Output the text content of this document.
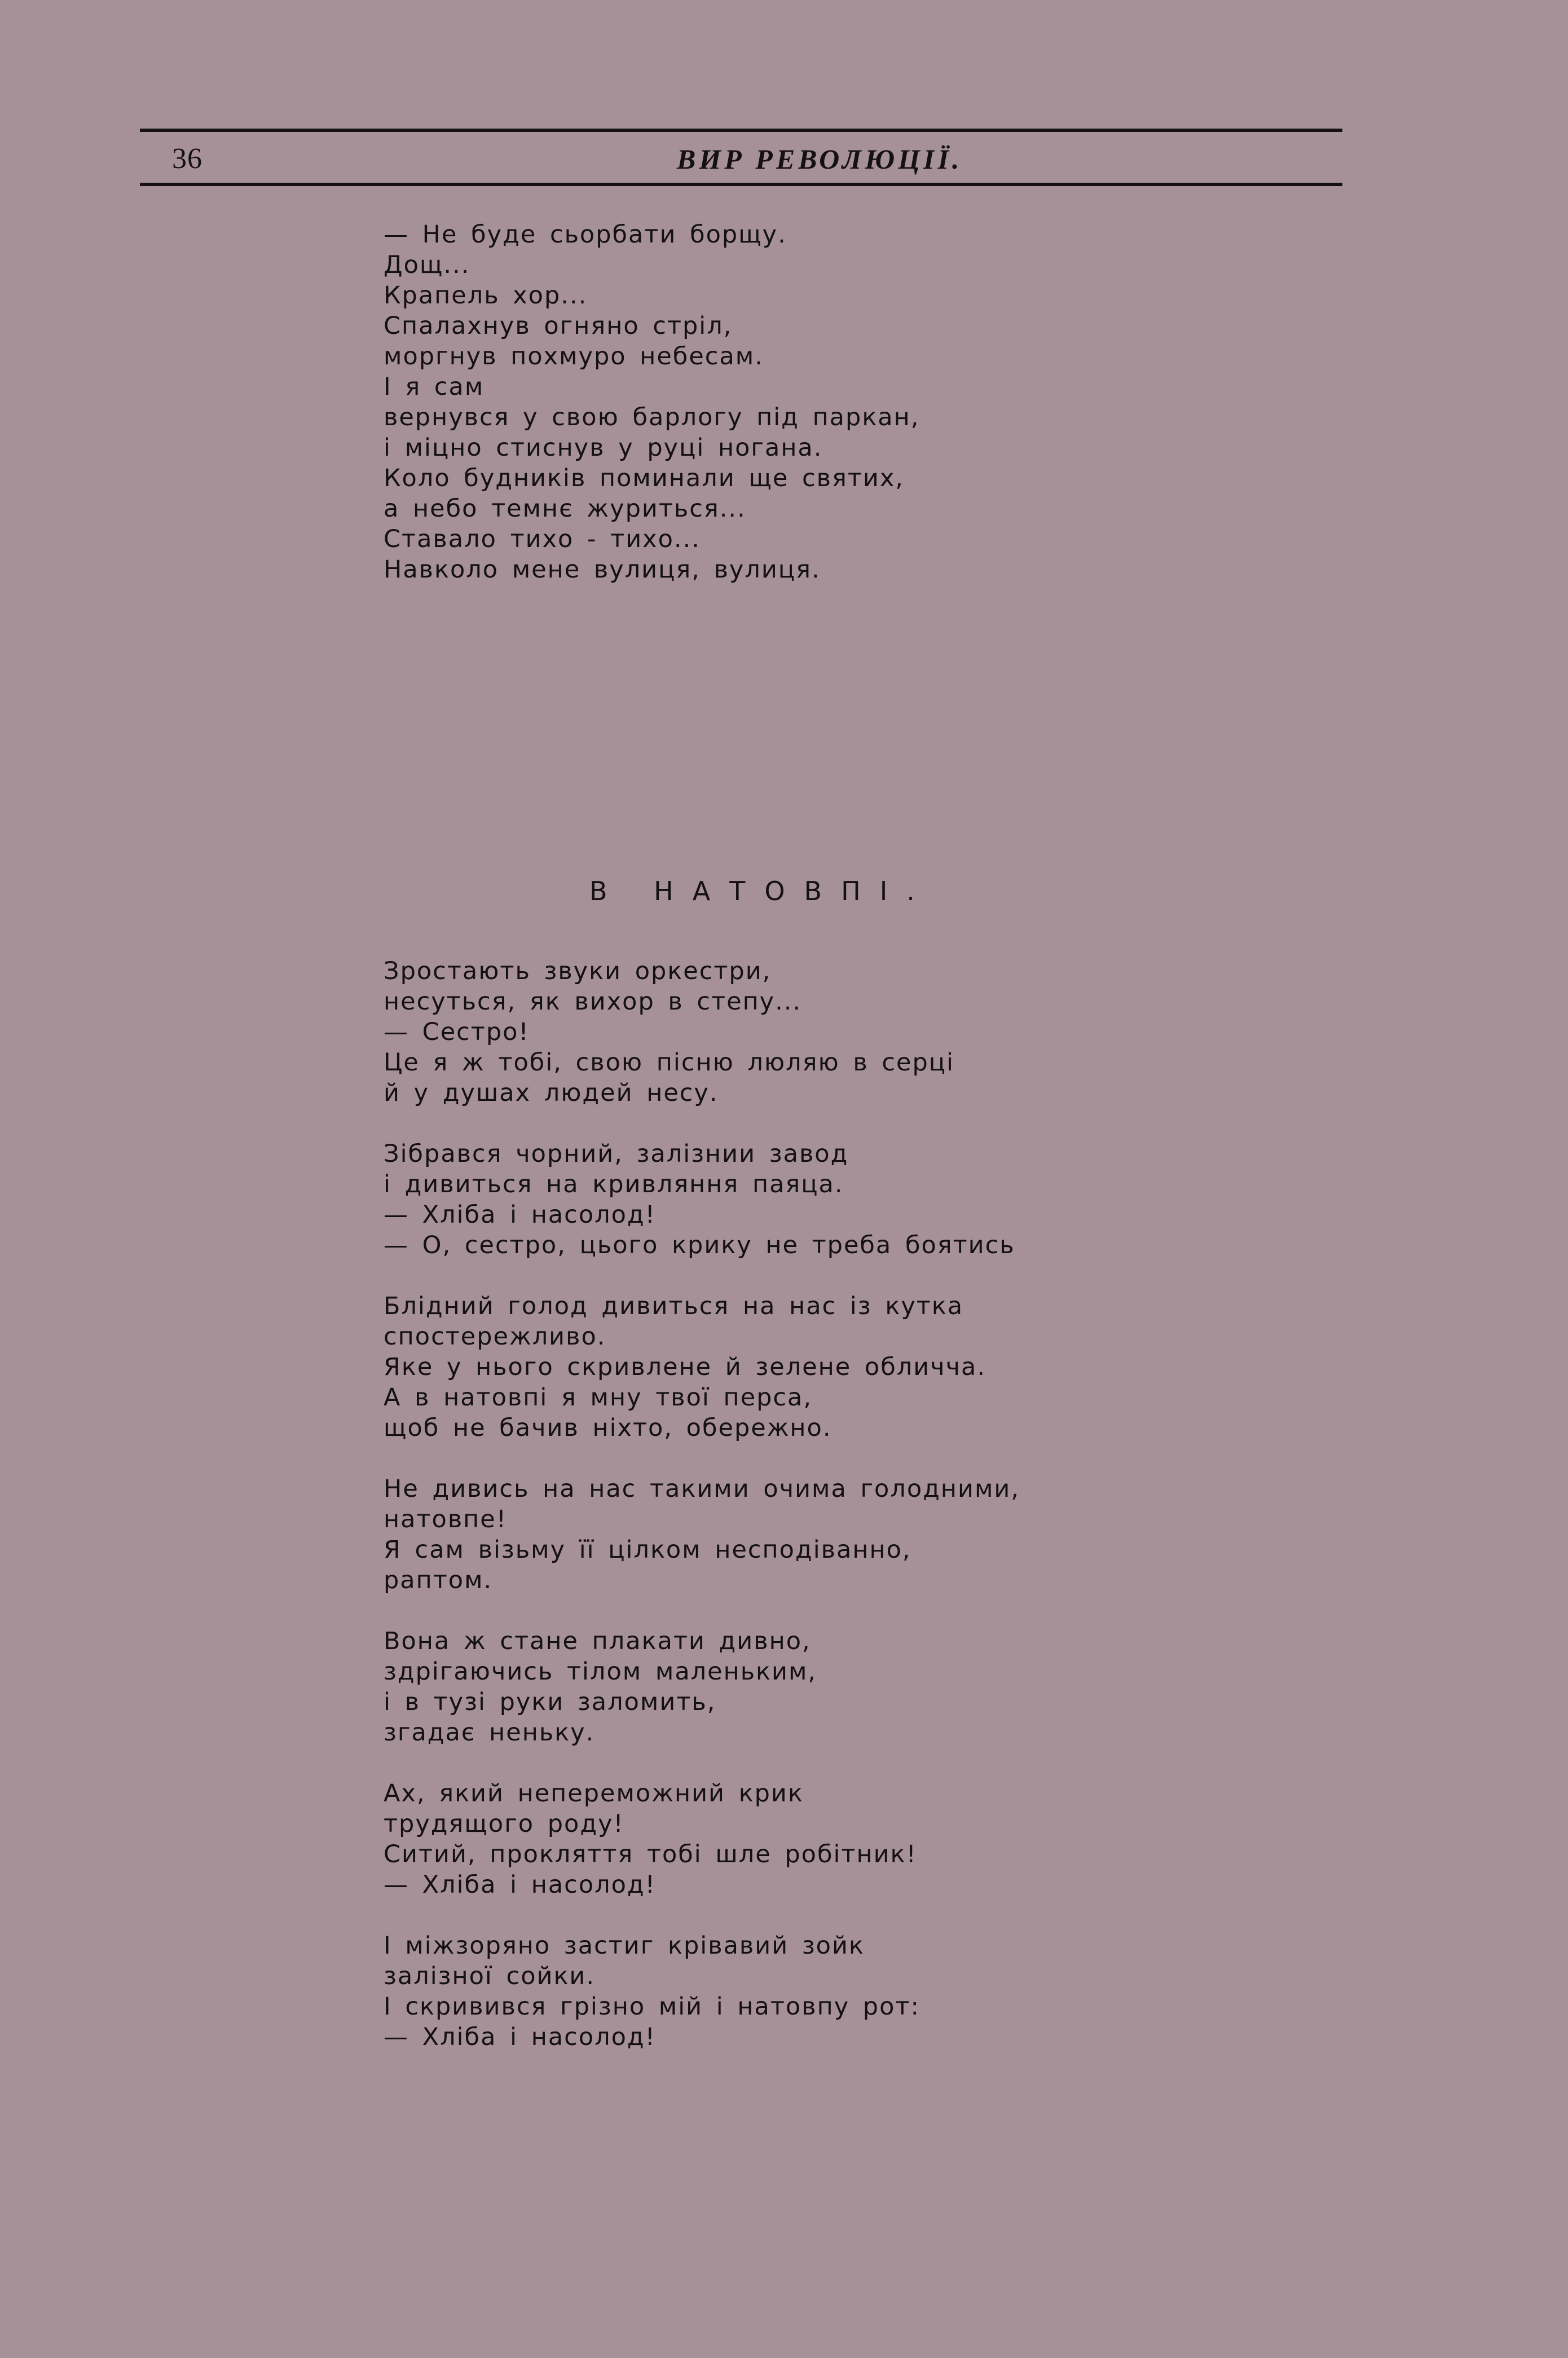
36	ВИР РЕВОЛЮЦІЇ.
— Не буде сьорбати борщу.
Дощ...
Крапель хор...
Спалахнув огняно стріл,
моргнув похмуро небесам.
І я сам
вернувся у свою барлогу під паркан,
і міцно стиснув у руці ногана.
Коло будників поминали ще святих,
а небо темнє журиться...
Ставало тихо - тихо...
Навколо мене вулиця, вулиця.
В НАТОВПІ.
Зростають звуки оркестри,
несуться, як вихор в степу...
— Сестро!
Це я ж тобі, свою пісню люляю в серці
й у душах людей несу.
Зібрався чорний, залізнии завод
і дивиться на кривляння паяца.
— Хліба і насолод!
— О, сестро, цього крику не треба боятись
Блідний голод дивиться на нас із кутка
спостережливо.
Яке у нього скривлене й зелене обличча.
А в натовпі я мну твої перса,
щоб не бачив ніхто, обережно.
Не дивись на нас такими очима голодними,
натовпе!
Я сам візьму її цілком несподіванно,
раптом.
Вона ж стане плакати дивно,
здрігаючись тілом маленьким,
і в тузі руки заломить,
згадає неньку.
Ах, який непереможний крик
трудящого роду!
Ситий, прокляття тобі шле робітник!
— Хліба і насолод!
І міжзоряно застиг крівавий зойк
залізної сойки.
І скривився грізно мій і натовпу рот:
— Хліба і насолод!
